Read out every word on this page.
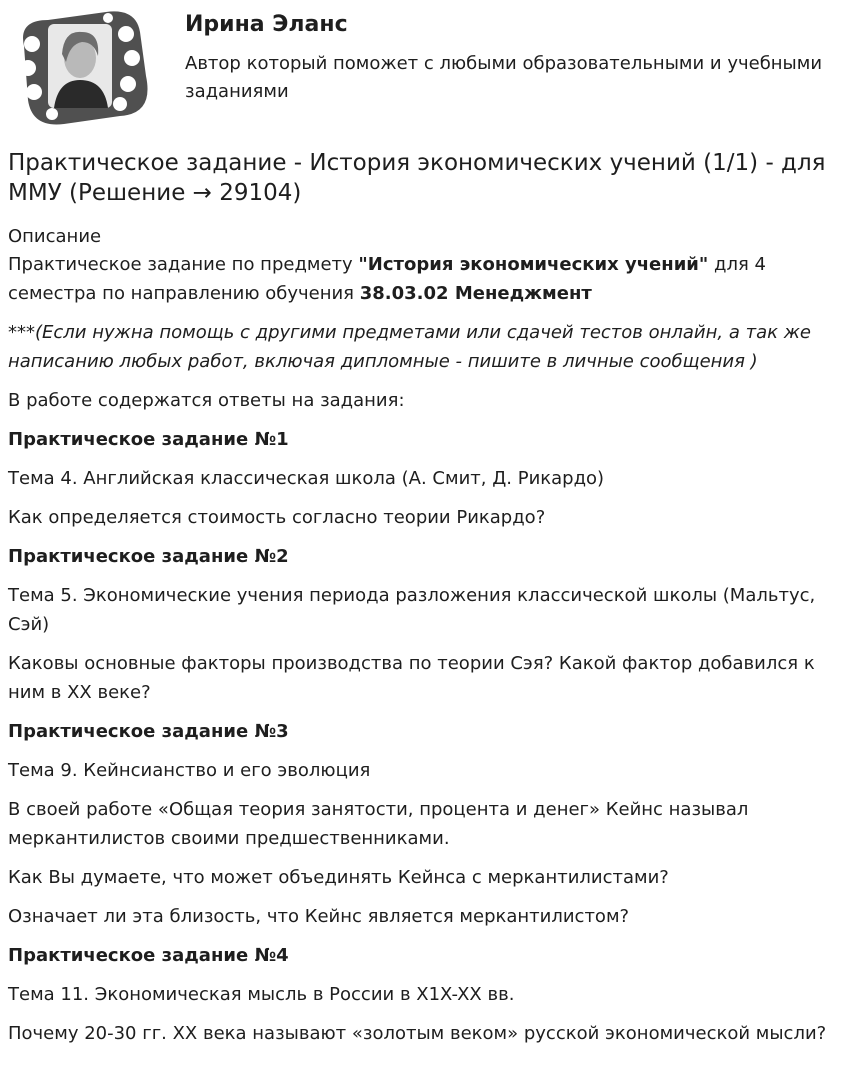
Ирина Эланс

Автор который поможет с любыми образовательными и учебными заданиями

Практическое задание - История экономических учений (1/1) - для ММУ (Решение → 29104)

Описание

Практическое задание по предмету "История экономических учений" для 4 семестра по направлению обучения 38.03.02 Менеджмент

***(Если нужна помощь с другими предметами или сдачей тестов онлайн, а так же написанию любых работ, включая дипломные - пишите в личные сообщения )

В работе содержатся ответы на задания:

Практическое задание №1

Тема 4. Английская классическая школа (А. Смит, Д. Рикардо)

Как определяется стоимость согласно теории Рикардо?

Практическое задание №2

Тема 5. Экономические учения периода разложения классической школы (Мальтус, Сэй)

Каковы основные факторы производства по теории Сэя? Какой фактор добавился к ним в XX веке?

Практическое задание №3

Тема 9. Кейнсианство и его эволюция

В своей работе «Общая теория занятости, процента и денег» Кейнс называл меркантилистов своими предшественниками.

Как Вы думаете, что может объединять Кейнса с меркантилистами?

Означает ли эта близость, что Кейнс является меркантилистом?

Практическое задание №4

Тема 11. Экономическая мысль в России в X1X-XX вв.

Почему 20-30 гг. XX века называют «золотым веком» русской экономической мысли?
